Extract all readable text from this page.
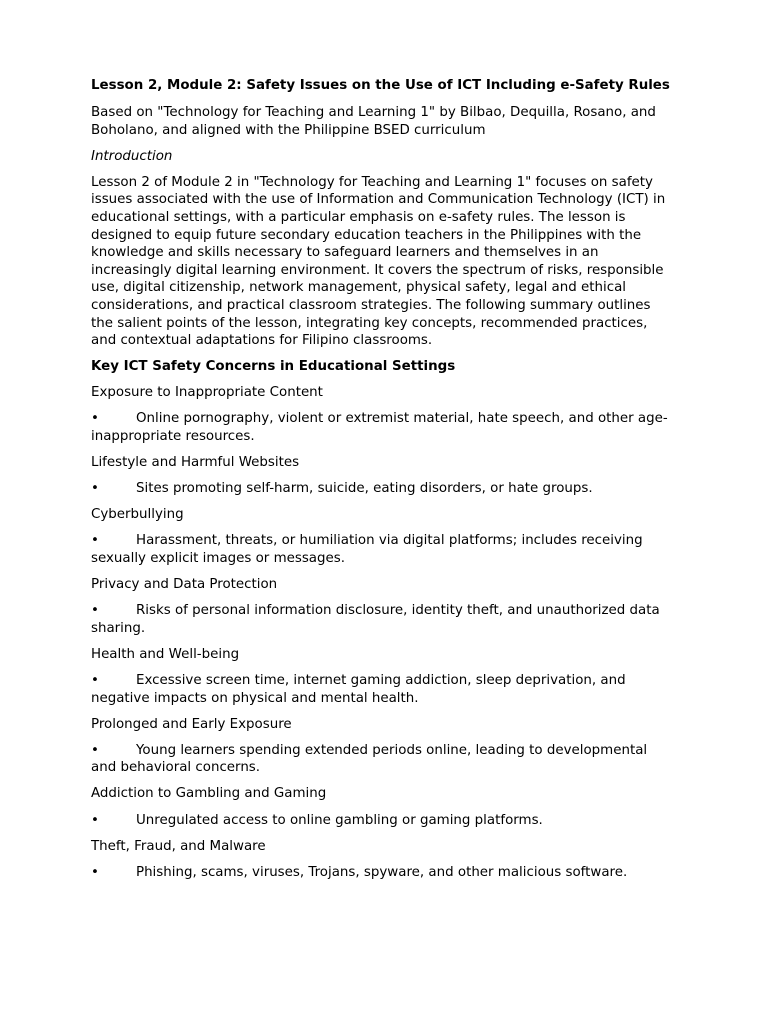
Lesson 2, Module 2: Safety Issues on the Use of ICT Including e-Safety Rules

Based on "Technology for Teaching and Learning 1" by Bilbao, Dequilla, Rosano, and Boholano, and aligned with the Philippine BSED curriculum

Introduction

Lesson 2 of Module 2 in "Technology for Teaching and Learning 1" focuses on safety issues associated with the use of Information and Communication Technology (ICT) in educational settings, with a particular emphasis on e-safety rules. The lesson is designed to equip future secondary education teachers in the Philippines with the knowledge and skills necessary to safeguard learners and themselves in an increasingly digital learning environment. It covers the spectrum of risks, responsible use, digital citizenship, network management, physical safety, legal and ethical considerations, and practical classroom strategies. The following summary outlines the salient points of the lesson, integrating key concepts, recommended practices, and contextual adaptations for Filipino classrooms.

Key ICT Safety Concerns in Educational Settings

Exposure to Inappropriate Content

•	Online pornography, violent or extremist material, hate speech, and other age-inappropriate resources.

Lifestyle and Harmful Websites

•	Sites promoting self-harm, suicide, eating disorders, or hate groups.

Cyberbullying

•	Harassment, threats, or humiliation via digital platforms; includes receiving sexually explicit images or messages.

Privacy and Data Protection

•	Risks of personal information disclosure, identity theft, and unauthorized data sharing.

Health and Well-being

•	Excessive screen time, internet gaming addiction, sleep deprivation, and negative impacts on physical and mental health.

Prolonged and Early Exposure

•	Young learners spending extended periods online, leading to developmental and behavioral concerns.

Addiction to Gambling and Gaming

•	Unregulated access to online gambling or gaming platforms.

Theft, Fraud, and Malware

•	Phishing, scams, viruses, Trojans, spyware, and other malicious software.
